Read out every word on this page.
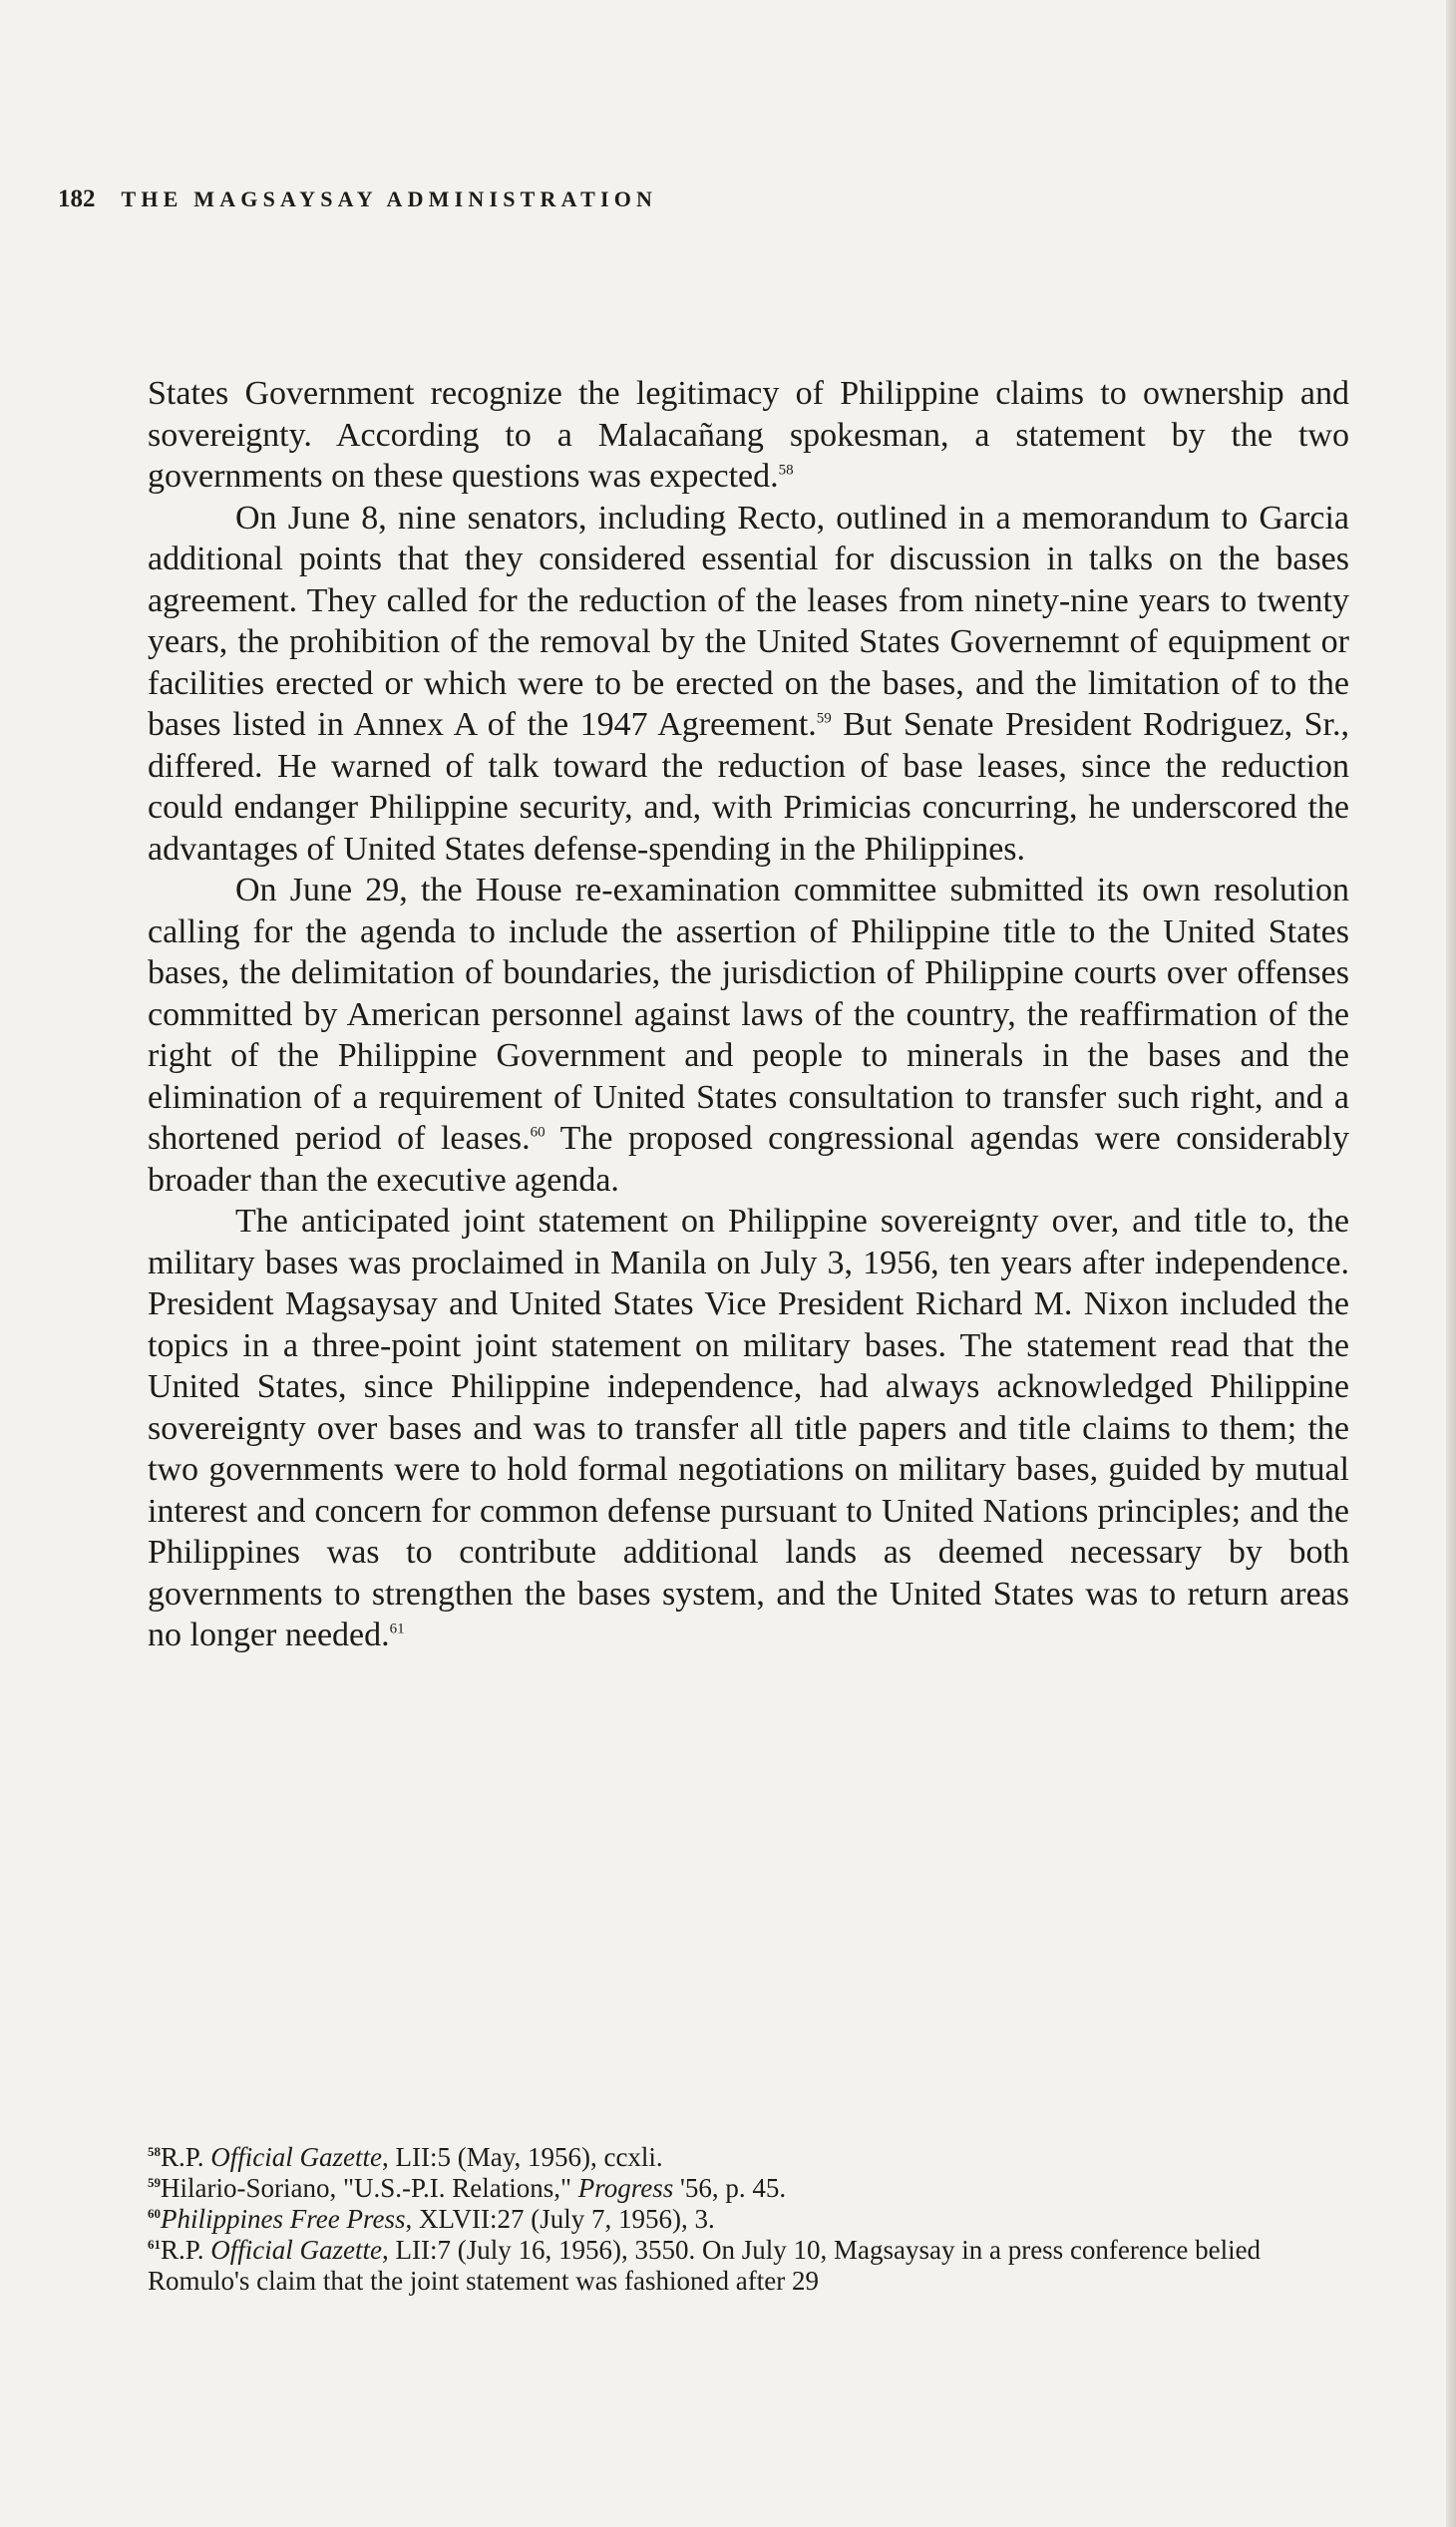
182 THE MAGSAYSAY ADMINISTRATION

States Government recognize the legitimacy of Philippine claims to ownership and sovereignty. According to a Malacañang spokesman, a statement by the two governments on these questions was expected.$^{58}$

On June 8, nine senators, including Recto, outlined in a memorandum to Garcia additional points that they considered essential for discussion in talks on the bases agreement. They called for the reduction of the leases from ninety-nine years to twenty years, the prohibition of the removal by the United States Governemnt of equipment or facilities erected or which were to be erected on the bases, and the limitation of to the bases listed in Annex A of the 1947 Agreement.$^{59}$ But Senate President Rodriguez, Sr., differed. He warned of talk toward the reduction of base leases, since the reduction could endanger Philippine security, and, with Primicias concurring, he underscored the advantages of United States defense-spending in the Philippines.

On June 29, the House re-examination committee submitted its own resolution calling for the agenda to include the assertion of Philippine title to the United States bases, the delimitation of boundaries, the jurisdiction of Philippine courts over offenses committed by American personnel against laws of the country, the reaffirmation of the right of the Philippine Government and people to minerals in the bases and the elimination of a requirement of United States consultation to transfer such right, and a shortened period of leases.$^{60}$ The proposed congressional agendas were considerably broader than the executive agenda.

The anticipated joint statement on Philippine sovereignty over, and title to, the military bases was proclaimed in Manila on July 3, 1956, ten years after independence. President Magsaysay and United States Vice President Richard M. Nixon included the topics in a three-point joint statement on military bases. The statement read that the United States, since Philippine independence, had always acknowledged Philippine sovereignty over bases and was to transfer all title papers and title claims to them; the two governments were to hold formal negotiations on military bases, guided by mutual interest and concern for common defense pursuant to United Nations principles; and the Philippines was to contribute additional lands as deemed necessary by both governments to strengthen the bases system, and the United States was to return areas no longer needed.$^{61}$

$^{58}$R.P. Official Gazette, LII:5 (May, 1956), ccxli.

$^{59}$Hilario-Soriano, "U.S.-P.I. Relations," Progress '56, p. 45.

$^{60}$Philippines Free Press, XLVII:27 (July 7, 1956), 3.

$^{61}$R.P. Official Gazette, LII:7 (July 16, 1956), 3550. On July 10, Magsaysay in a press conference belied Romulo's claim that the joint statement was fashioned after 29
